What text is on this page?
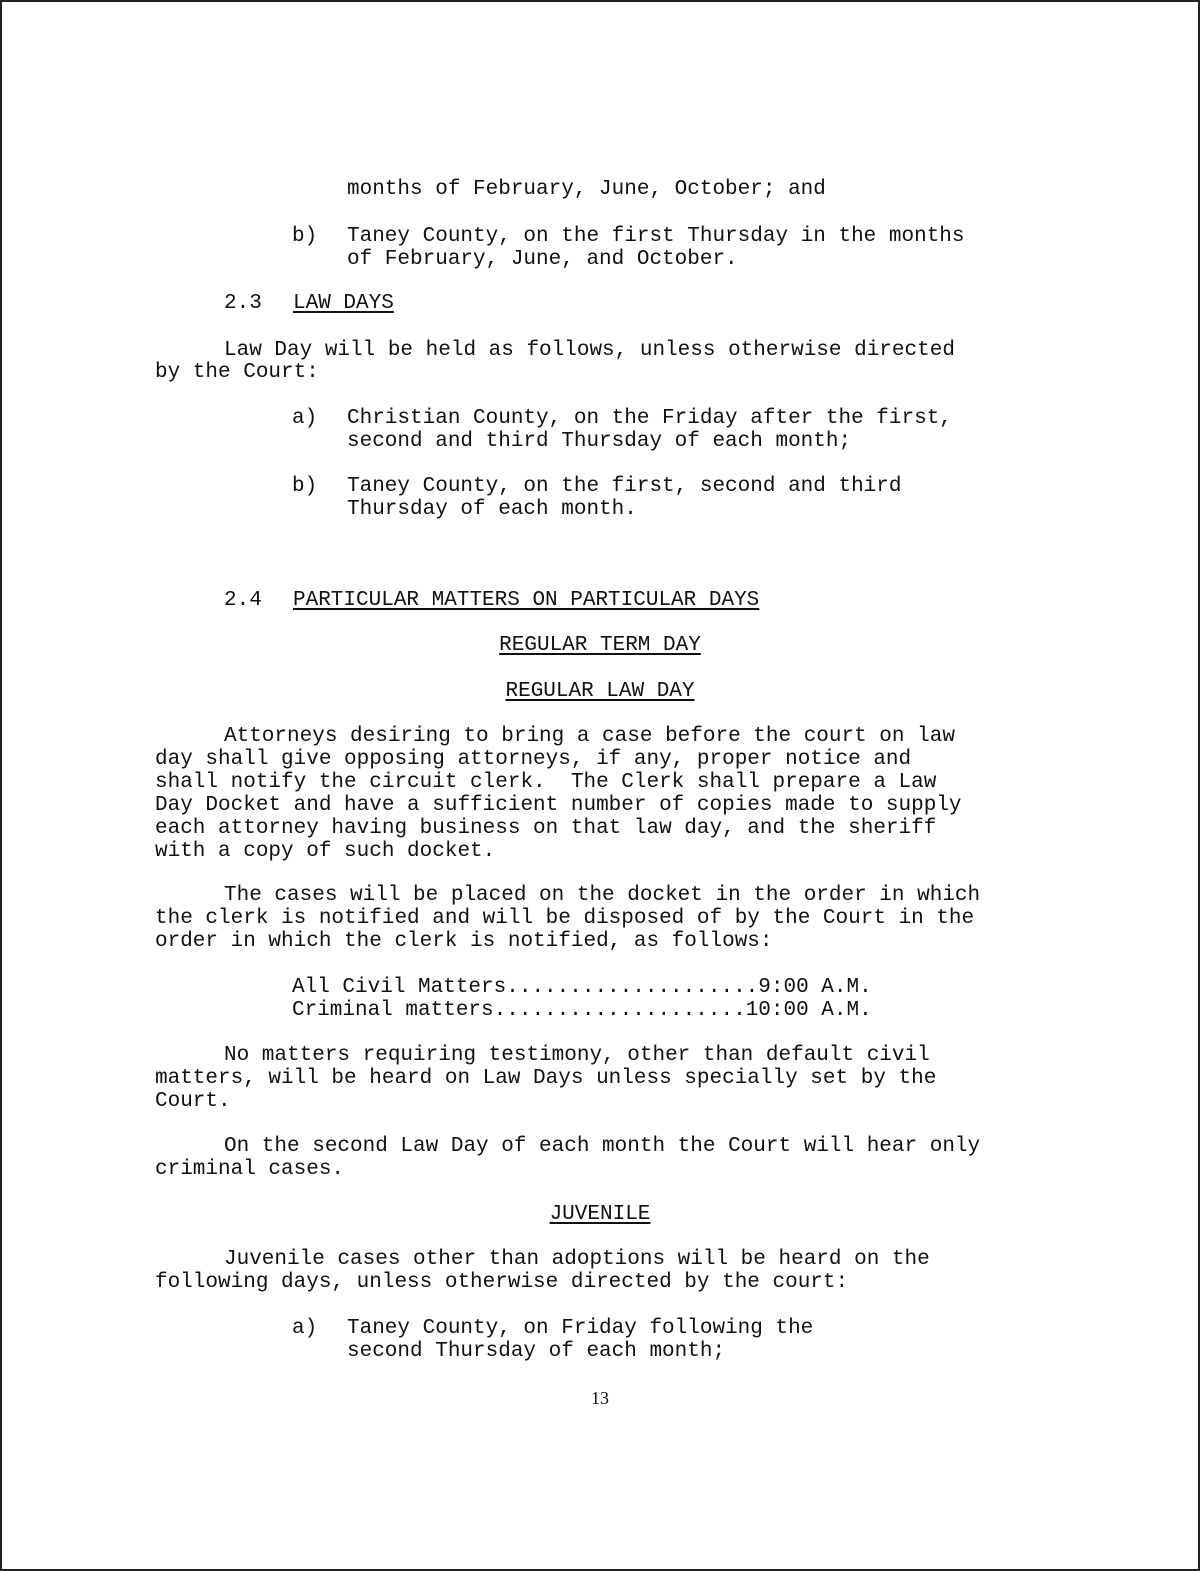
months of February, June, October; and
b) Taney County, on the first Thursday in the months
of February, June, and October.
2.3 LAW DAYS
Law Day will be held as follows, unless otherwise directed
by the Court:
a) Christian County, on the Friday after the first,
second and third Thursday of each month;
b) Taney County, on the first, second and third
Thursday of each month.
2.4 PARTICULAR MATTERS ON PARTICULAR DAYS
REGULAR TERM DAY
REGULAR LAW DAY
Attorneys desiring to bring a case before the court on law
day shall give opposing attorneys, if any, proper notice and
shall notify the circuit clerk.  The Clerk shall prepare a Law
Day Docket and have a sufficient number of copies made to supply
each attorney having business on that law day, and the sheriff
with a copy of such docket.
The cases will be placed on the docket in the order in which
the clerk is notified and will be disposed of by the Court in the
order in which the clerk is notified, as follows:
All Civil Matters....................9:00 A.M.
Criminal matters....................10:00 A.M.
No matters requiring testimony, other than default civil
matters, will be heard on Law Days unless specially set by the
Court.
On the second Law Day of each month the Court will hear only
criminal cases.
JUVENILE
Juvenile cases other than adoptions will be heard on the
following days, unless otherwise directed by the court:
a) Taney County, on Friday following the
second Thursday of each month;
13
